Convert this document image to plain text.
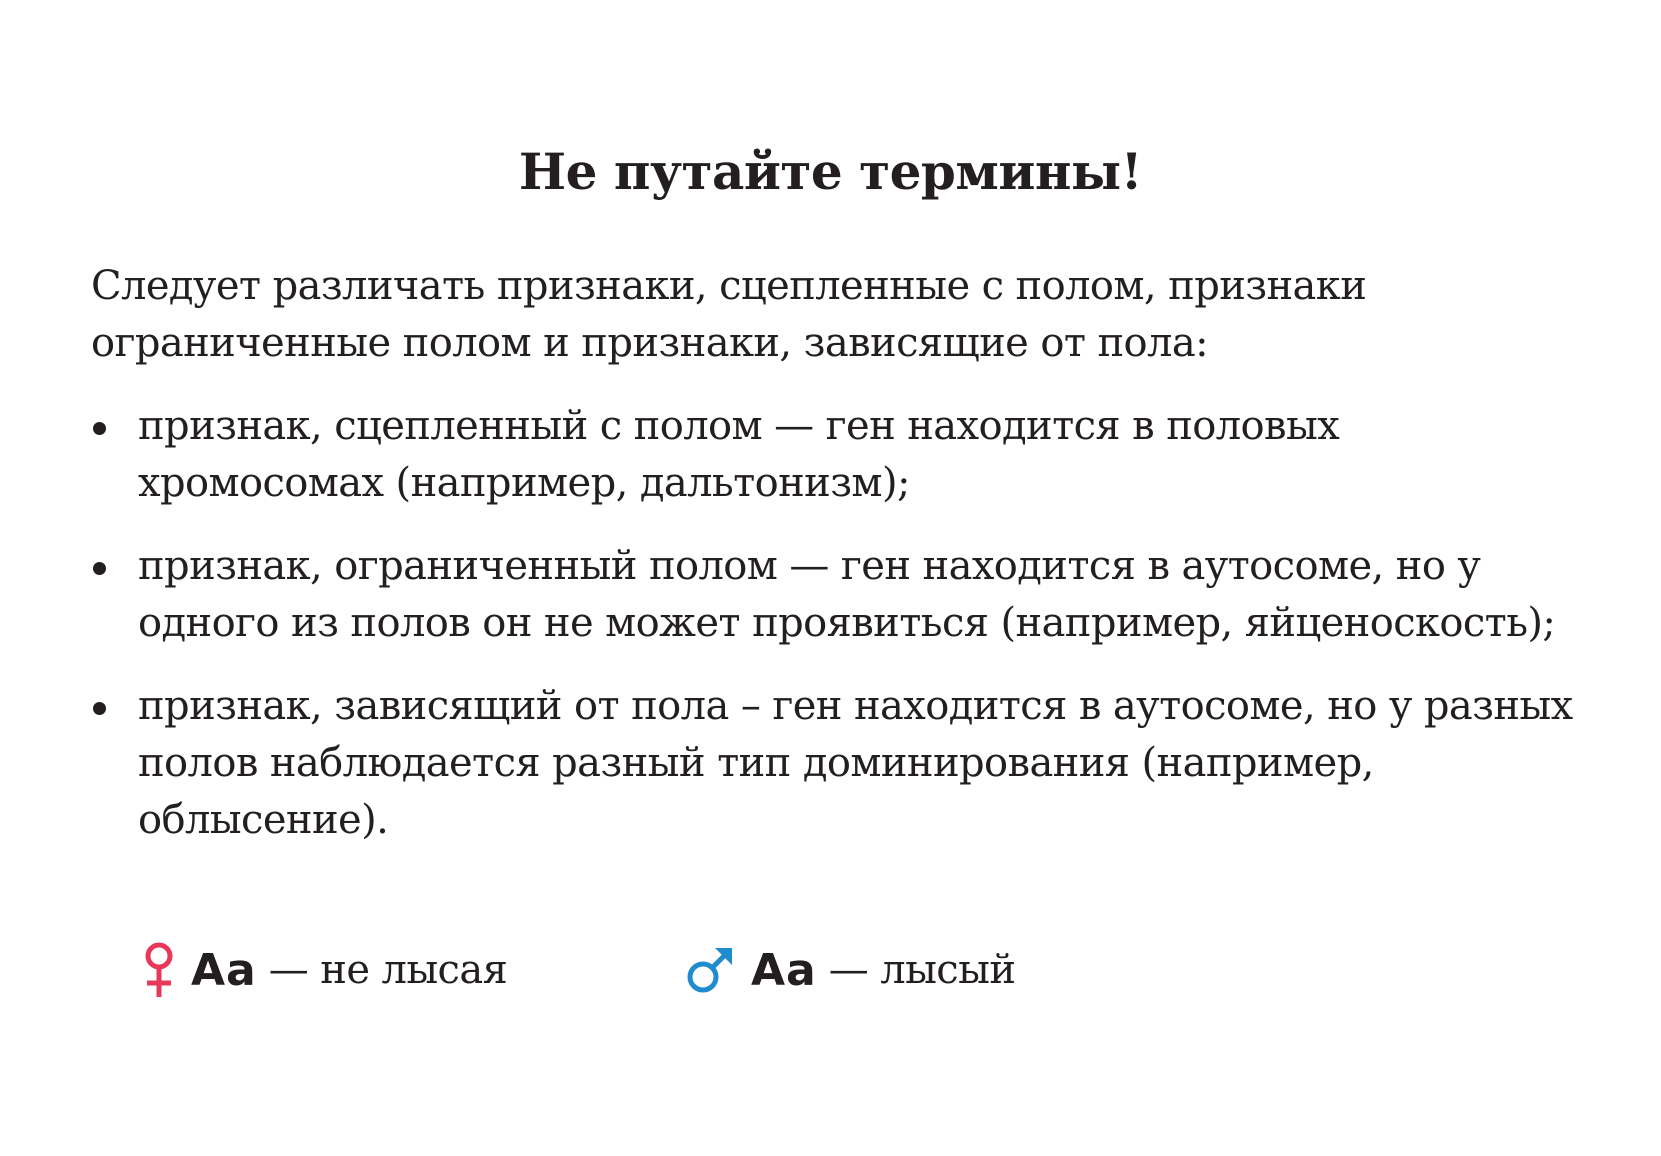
Не путайте термины!
Следует различать признаки, сцепленные с полом, признаки ограниченные полом и признаки, зависящие от пола:
признак, сцепленный с полом — ген находится в половых хромосомах (например, дальтонизм);
признак, ограниченный полом — ген находится в аутосоме, но у одного из полов он не может проявиться (например, яйценоскость);
признак, зависящий от пола – ген находится в аутосоме, но у разных полов наблюдается разный тип доминирования (например, облысение).
Аа — не лысая	Аа — лысый
